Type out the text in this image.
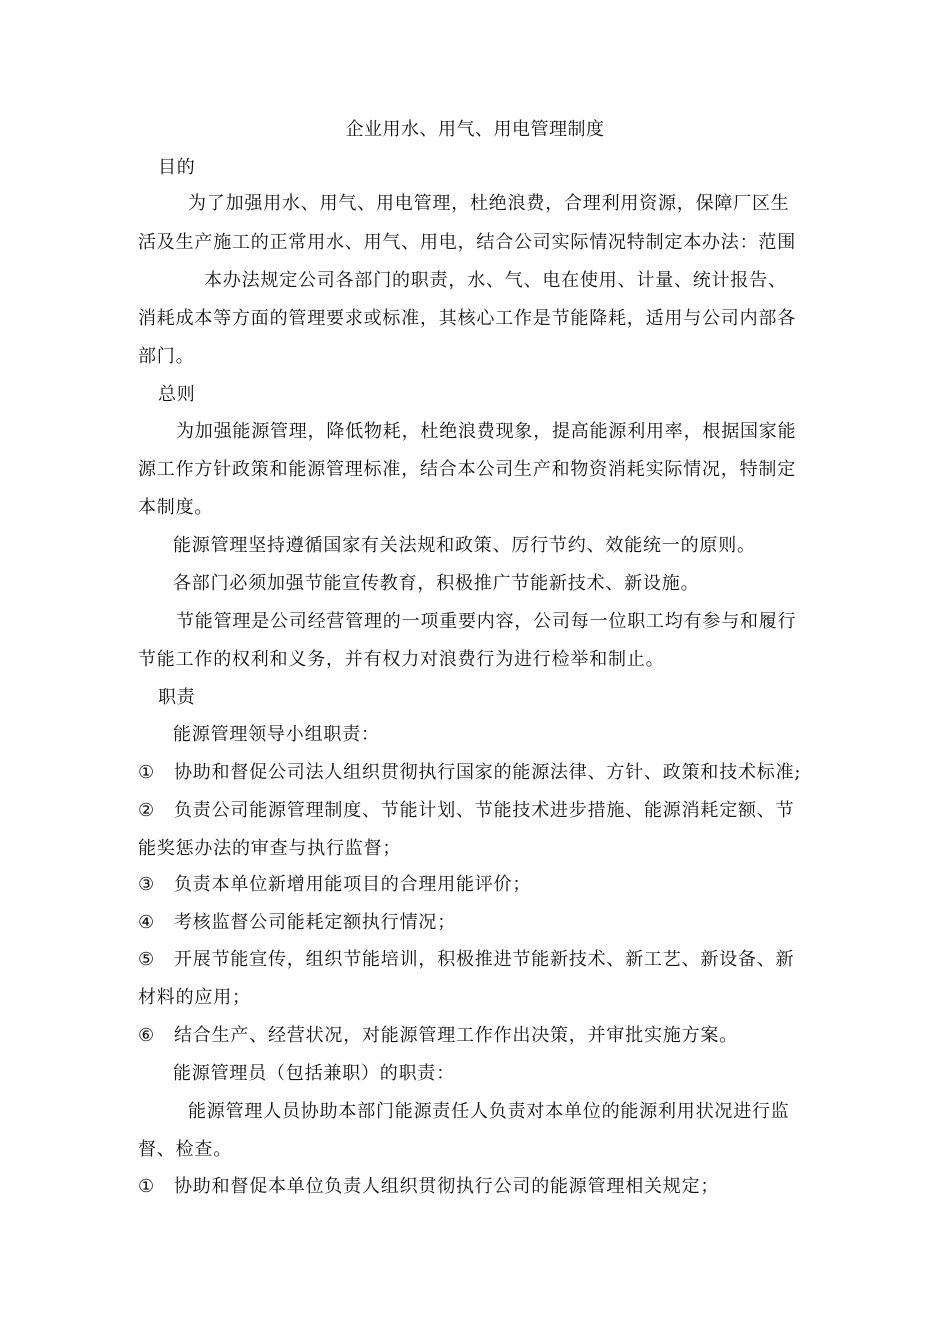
企业用水、用气、用电管理制度
目的
为了加强用水、用气、用电管理，杜绝浪费，合理利用资源，保障厂区生
活及生产施工的正常用水、用气、用电，结合公司实际情况特制定本办法：范围
本办法规定公司各部门的职责，水、气、电在使用、计量、统计报告、
消耗成本等方面的管理要求或标准，其核心工作是节能降耗，适用与公司内部各
部门。
总则
为加强能源管理，降低物耗，杜绝浪费现象，提高能源利用率，根据国家能
源工作方针政策和能源管理标准，结合本公司生产和物资消耗实际情况，特制定
本制度。
能源管理坚持遵循国家有关法规和政策、厉行节约、效能统一的原则。
各部门必须加强节能宣传教育，积极推广节能新技术、新设施。
节能管理是公司经营管理的一项重要内容，公司每一位职工均有参与和履行
节能工作的权利和义务，并有权力对浪费行为进行检举和制止。
职责
能源管理领导小组职责：
① 协助和督促公司法人组织贯彻执行国家的能源法律、方针、政策和技术标准;
② 负责公司能源管理制度、节能计划、节能技术进步措施、能源消耗定额、节
能奖惩办法的审查与执行监督；
③ 负责本单位新增用能项目的合理用能评价；
④ 考核监督公司能耗定额执行情况；
⑤ 开展节能宣传，组织节能培训，积极推进节能新技术、新工艺、新设备、新
材料的应用；
⑥ 结合生产、经营状况，对能源管理工作作出决策，并审批实施方案。
能源管理员（包括兼职）的职责：
能源管理人员协助本部门能源责任人负责对本单位的能源利用状况进行监
督、检查。
① 协助和督促本单位负责人组织贯彻执行公司的能源管理相关规定；
